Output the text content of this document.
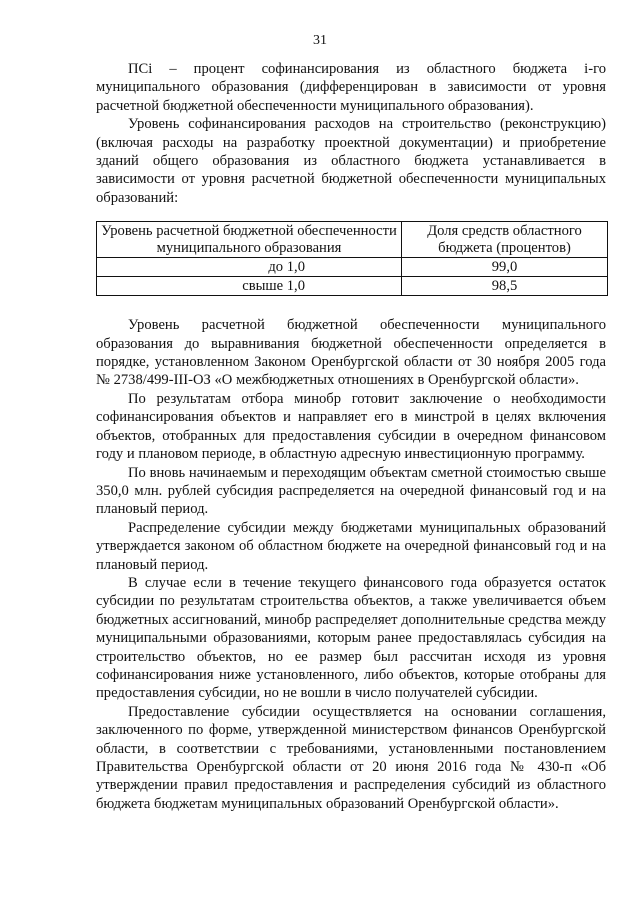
31

ПСi – процент софинансирования из областного бюджета i-го муниципального образования (дифференцирован в зависимости от уровня расчетной бюджетной обеспеченности муниципального образования).

Уровень софинансирования расходов на строительство (реконструкцию) (включая расходы на разработку проектной документации) и приобретение зданий общего образования из областного бюджета устанавливается в зависимости от уровня расчетной бюджетной обеспеченности муниципальных образований:

Уровень расчетной бюджетной обеспеченности муниципального образования	Доля средств областного бюджета (процентов)
до 1,0	99,0
свыше 1,0	98,5

Уровень расчетной бюджетной обеспеченности муниципального образования до выравнивания бюджетной обеспеченности определяется в порядке, установленном Законом Оренбургской области от 30 ноября 2005 года № 2738/499-III-ОЗ «О межбюджетных отношениях в Оренбургской области».

По результатам отбора минобр готовит заключение о необходимости софинансирования объектов и направляет его в минстрой в целях включения объектов, отобранных для предоставления субсидии в очередном финансовом году и плановом периоде, в областную адресную инвестиционную программу.

По вновь начинаемым и переходящим объектам сметной стоимостью свыше 350,0 млн. рублей субсидия распределяется на очередной финансовый год и на плановый период.

Распределение субсидии между бюджетами муниципальных образований утверждается законом об областном бюджете на очередной финансовый год и на плановый период.

В случае если в течение текущего финансового года образуется остаток субсидии по результатам строительства объектов, а также увеличивается объем бюджетных ассигнований, минобр распределяет дополнительные средства между муниципальными образованиями, которым ранее предоставлялась субсидия на строительство объектов, но ее размер был рассчитан исходя из уровня софинансирования ниже установленного, либо объектов, которые отобраны для предоставления субсидии, но не вошли в число получателей субсидии.

Предоставление субсидии осуществляется на основании соглашения, заключенного по форме, утвержденной министерством финансов Оренбургской области, в соответствии с требованиями, установленными постановлением Правительства Оренбургской области от 20 июня 2016 года № 430-п «Об утверждении правил предоставления и распределения субсидий из областного бюджета бюджетам муниципальных образований Оренбургской области».
